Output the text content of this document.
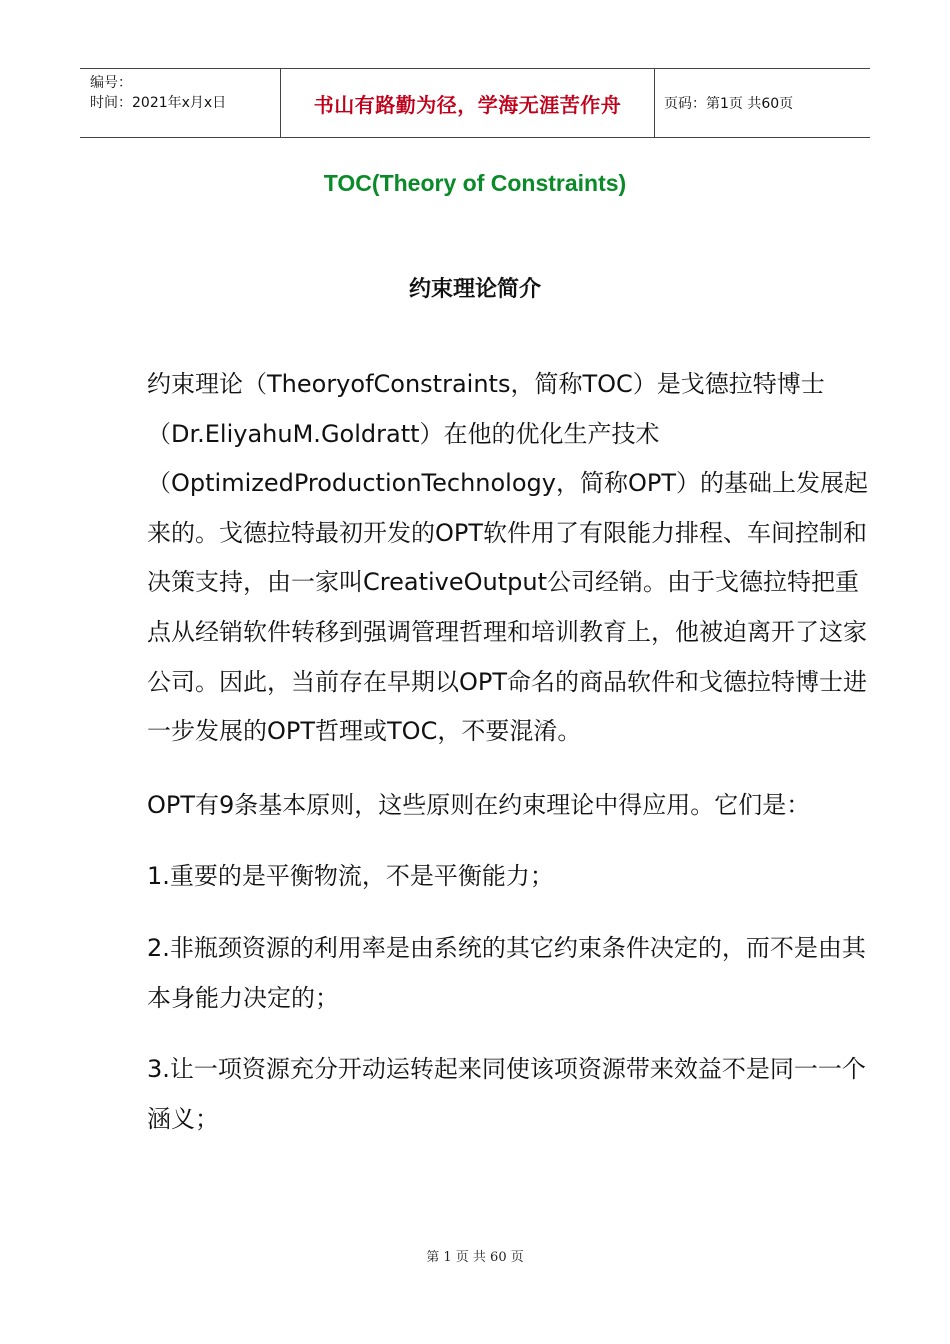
编号：
时间：2021年x月x日	书山有路勤为径，学海无涯苦作舟	页码：第1页 共60页
TOC(Theory of Constraints)
约束理论简介

约束理论（TheoryofConstraints，简称TOC）是戈德拉特博士（Dr.EliyahuM.Goldratt）在他的优化生产技术（OptimizedProductionTechnology，简称OPT）的基础上发展起来的。戈德拉特最初开发的OPT软件用了有限能力排程、车间控制和决策支持，由一家叫CreativeOutput公司经销。由于戈德拉特把重点从经销软件转移到强调管理哲理和培训教育上，他被迫离开了这家公司。因此，当前存在早期以OPT命名的商品软件和戈德拉特博士进一步发展的OPT哲理或TOC，不要混淆。

OPT有9条基本原则，这些原则在约束理论中得应用。它们是：

1.重要的是平衡物流，不是平衡能力；

2.非瓶颈资源的利用率是由系统的其它约束条件决定的，而不是由其本身能力决定的；

3.让一项资源充分开动运转起来同使该项资源带来效益不是同一一个涵义；

第 1 页 共 60 页
